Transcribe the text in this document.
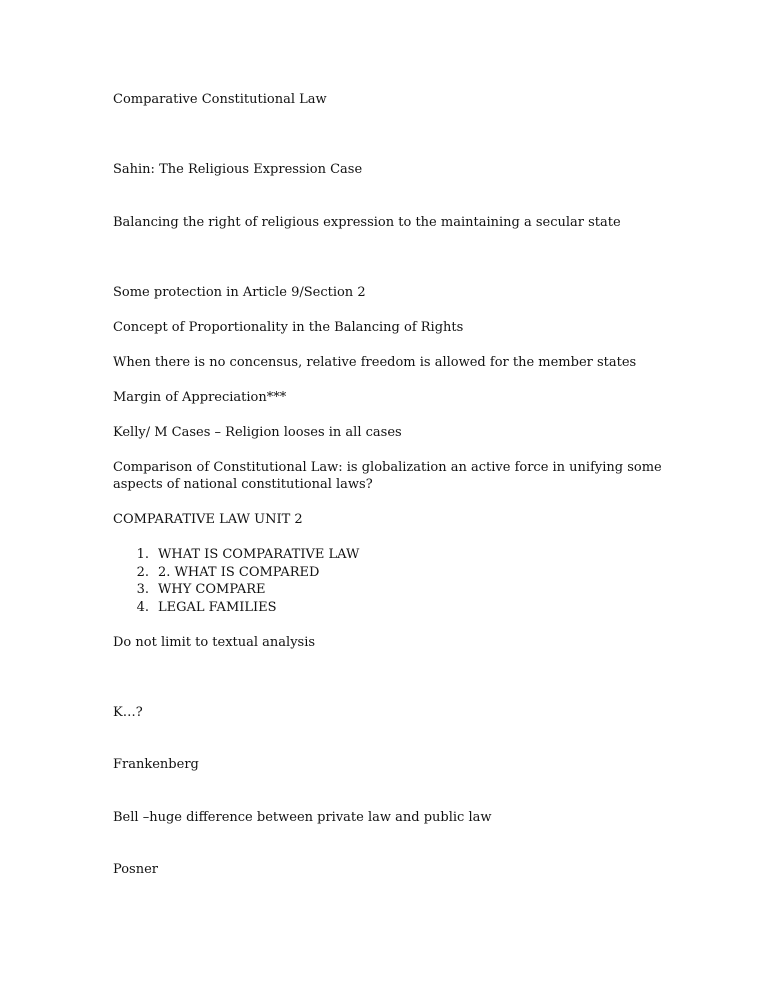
Comparative Constitutional Law

Sahin: The Religious Expression Case

Balancing the right of religious expression to the maintaining a secular state

Some protection in Article 9/Section 2

Concept of Proportionality in the Balancing of Rights

When there is no concensus, relative freedom is allowed for the member states

Margin of Appreciation***

Kelly/ M Cases – Religion looses in all cases

Comparison of Constitutional Law: is globalization an active force in unifying some aspects of national constitutional laws?

COMPARATIVE LAW UNIT 2

1. WHAT IS COMPARATIVE LAW
2. 2. WHAT IS COMPARED
3. WHY COMPARE
4. LEGAL FAMILIES

Do not limit to textual analysis

K…?

Frankenberg

Bell –huge difference between private law and public law

Posner
